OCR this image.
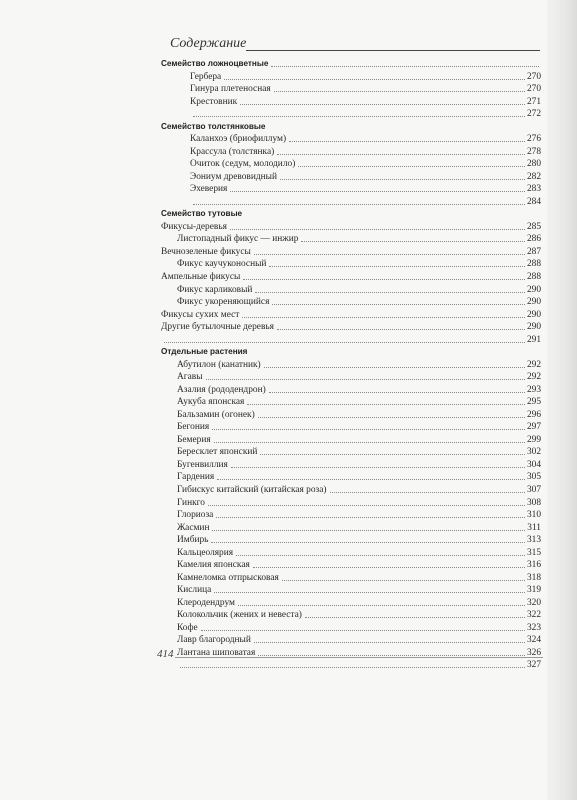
Содержание
Семейство ложноцветные
Гербера	270
Гинура плетеносная	270
Крестовник	271
272
Семейство толстянковые
Каланхоэ (бриофиллум)	276
Крассула (толстянка)	278
Очиток (седум, молодило)	280
Эониум древовидный	282
Эхеверия	283
284
Семейство тутовые
Фикусы-деревья	285
Листопадный фикус — инжир	286
Вечнозеленые фикусы	287
Фикус каучуконосный	288
Ампельные фикусы	288
Фикус карликовый	290
Фикус укореняющийся	290
Фикусы сухих мест	290
Другие бутылочные деревья	290
291
Отдельные растения
Абутилон (канатник)	292
Агавы	292
Азалия (рододендрон)	293
Аукуба японская	295
Бальзамин (огонек)	296
Бегония	297
Бемерия	299
Бересклет японский	302
Бугенвиллия	304
Гардения	305
Гибискус китайский (китайская роза)	307
Гинкго	308
Глориоза	310
Жасмин	311
Имбирь	313
Кальцеолярия	315
Камелия японская	316
Камнеломка отпрысковая	318
Кислица	319
Клеродендрум	320
Колокольчик (жених и невеста)	322
Кофе	323
Лавр благородный	324
Лантана шиповатая	326
327
414
